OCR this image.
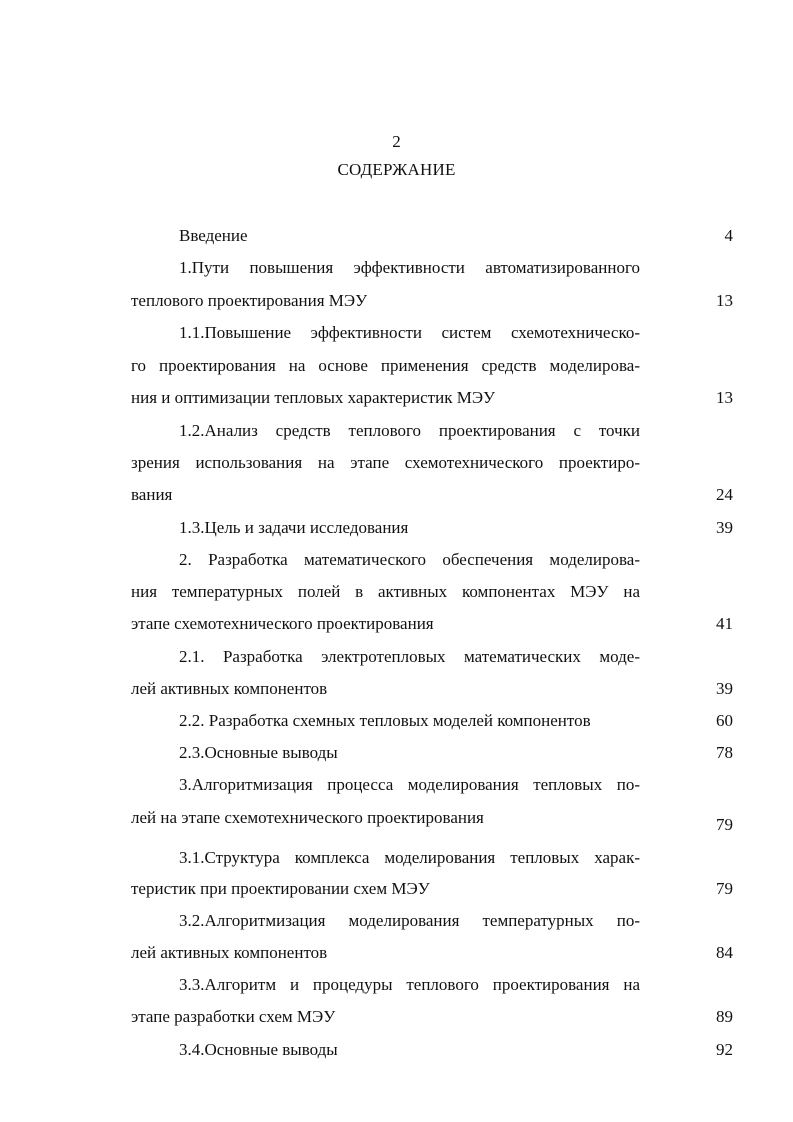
2
СОДЕРЖАНИЕ
Введение	4
1.Пути повышения эффективности автоматизированного
теплового проектирования МЭУ	13
1.1.Повышение эффективности систем схемотехническо-
го проектирования на основе применения средств моделирова-
ния и оптимизации тепловых характеристик МЭУ	13
1.2.Анализ средств теплового проектирования с точки
зрения использования на этапе схемотехнического проектиро-
вания	24
1.3.Цель и задачи исследования	39
2. Разработка математического обеспечения моделирова-
ния температурных полей в активных компонентах МЭУ на
этапе схемотехнического проектирования	41
2.1. Разработка электротепловых математических моде-
лей активных компонентов	39
2.2. Разработка схемных тепловых моделей компонентов	60
2.3.Основные выводы	78
3.Алгоритмизация процесса моделирования тепловых по-
лей на этапе схемотехнического проектирования	79
3.1.Структура комплекса моделирования тепловых харак-
теристик при проектировании схем МЭУ	79
3.2.Алгоритмизация моделирования температурных по-
лей активных компонентов	84
3.3.Алгоритм и процедуры теплового проектирования на
этапе разработки схем МЭУ	89
3.4.Основные выводы	92
